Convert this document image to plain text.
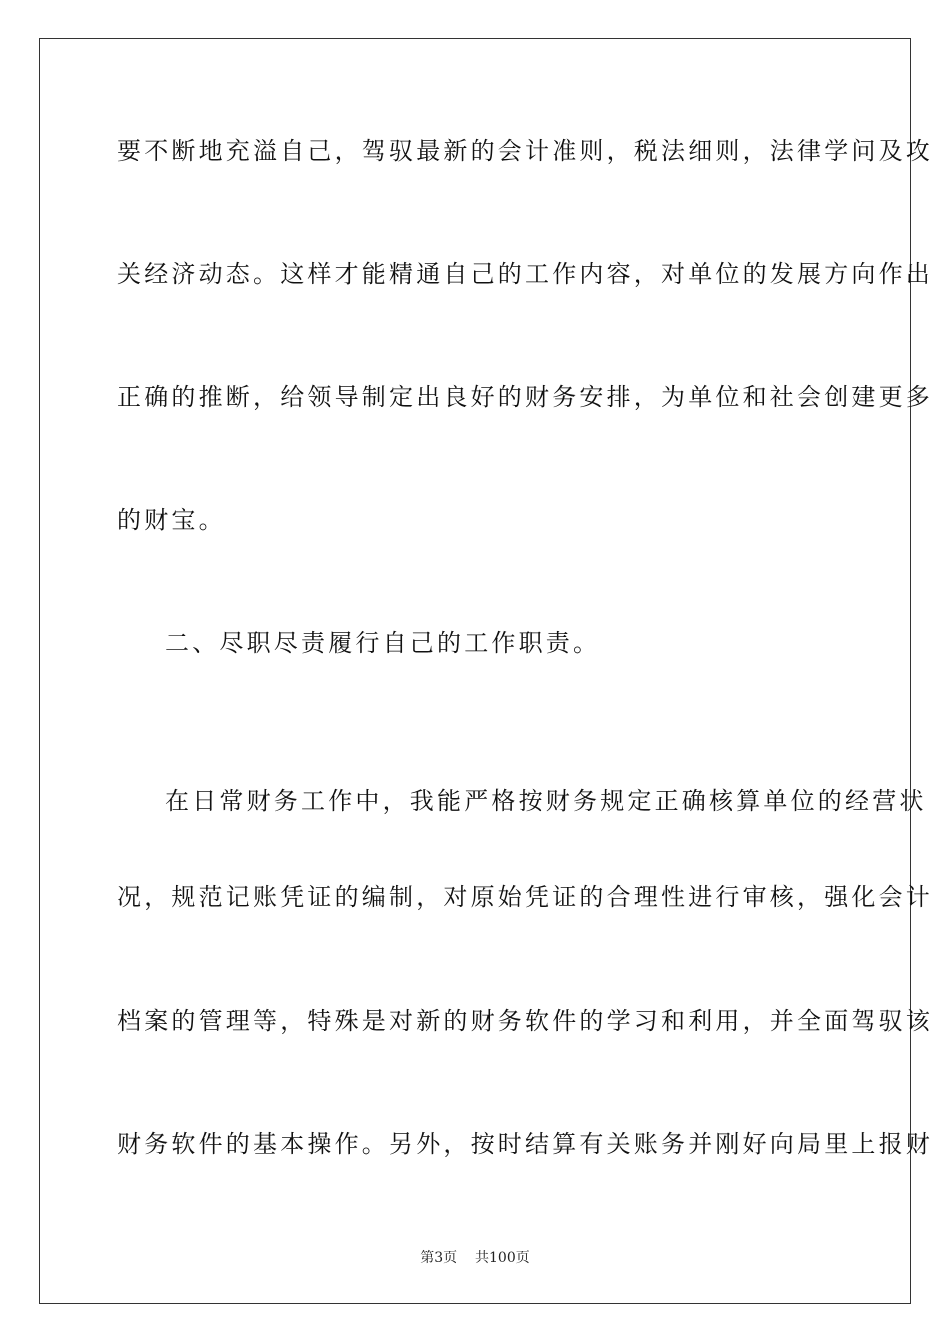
要不断地充溢自己，驾驭最新的会计准则，税法细则，法律学问及攻

关经济动态。这样才能精通自己的工作内容，对单位的发展方向作出

正确的推断，给领导制定出良好的财务安排，为单位和社会创建更多

的财宝。

二、尽职尽责履行自己的工作职责。

在日常财务工作中，我能严格按财务规定正确核算单位的经营状

况，规范记账凭证的编制，对原始凭证的合理性进行审核，强化会计

档案的管理等，特殊是对新的财务软件的学习和利用，并全面驾驭该

财务软件的基本操作。另外，按时结算有关账务并刚好向局里上报财

第3页 共100页
